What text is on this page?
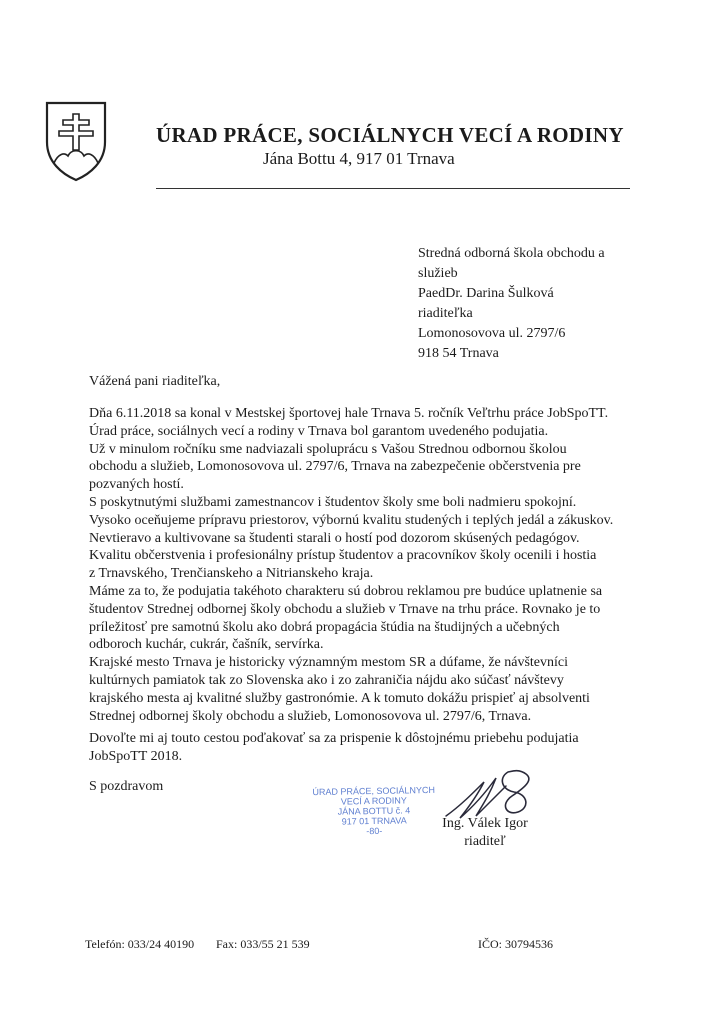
ÚRAD PRÁCE, SOCIÁLNYCH VECÍ A RODINY
Jána Bottu 4, 917 01 Trnava
Stredná odborná škola obchodu a
služieb
PaedDr. Darina Šulková
riaditeľka
Lomonosovova ul. 2797/6
918 54 Trnava
Vážená pani riaditeľka,
Dňa 6.11.2018 sa konal v Mestskej športovej hale Trnava 5. ročník Veľtrhu práce JobSpoTT.
Úrad práce, sociálnych vecí a rodiny v Trnava bol garantom uvedeného podujatia.
Už v minulom ročníku sme nadviazali spoluprácu s Vašou Strednou odbornou školou
obchodu a služieb, Lomonosovova ul. 2797/6, Trnava na zabezpečenie občerstvenia pre
pozvaných hostí.
S poskytnutými službami zamestnancov i študentov školy sme boli nadmieru spokojní.
Vysoko oceňujeme prípravu priestorov, výbornú kvalitu studených i teplých jedál a zákuskov.
Nevtieravo a kultivovane sa študenti starali o hostí pod dozorom skúsených pedagógov.
Kvalitu občerstvenia i profesionálny prístup študentov a pracovníkov školy ocenili i hostia
z Trnavského, Trenčianskeho a Nitrianskeho kraja.
Máme za to, že podujatia takéhoto charakteru sú dobrou reklamou pre budúce uplatnenie sa
študentov Strednej odbornej školy obchodu a služieb v Trnave na trhu práce. Rovnako je to
príležitosť pre samotnú školu ako dobrá propagácia štúdia na študijných a učebných
odboroch kuchár, cukrár, čašník, servírka.
Krajské mesto Trnava je historicky významným mestom SR a dúfame, že návštevníci
kultúrnych pamiatok tak zo Slovenska ako i zo zahraničia nájdu ako súčasť návštevy
krajského mesta aj kvalitné služby gastronómie. A k tomuto dokážu prispieť aj absolventi
Strednej odbornej školy obchodu a služieb, Lomonosovova ul. 2797/6, Trnava.
Dovoľte mi aj touto cestou poďakovať sa za prispenie k dôstojnému priebehu podujatia
JobSpoTT 2018.
S pozdravom	ÚRAD PRÁCE, SOCIÁLNYCH
VECÍ A RODINY
JÁNA BOTTU č. 4
917 01 TRNAVA
-80-	Ing. Válek Igor
riaditeľ
Telefón: 033/24 40190 Fax: 033/55 21 539	IČO: 30794536
